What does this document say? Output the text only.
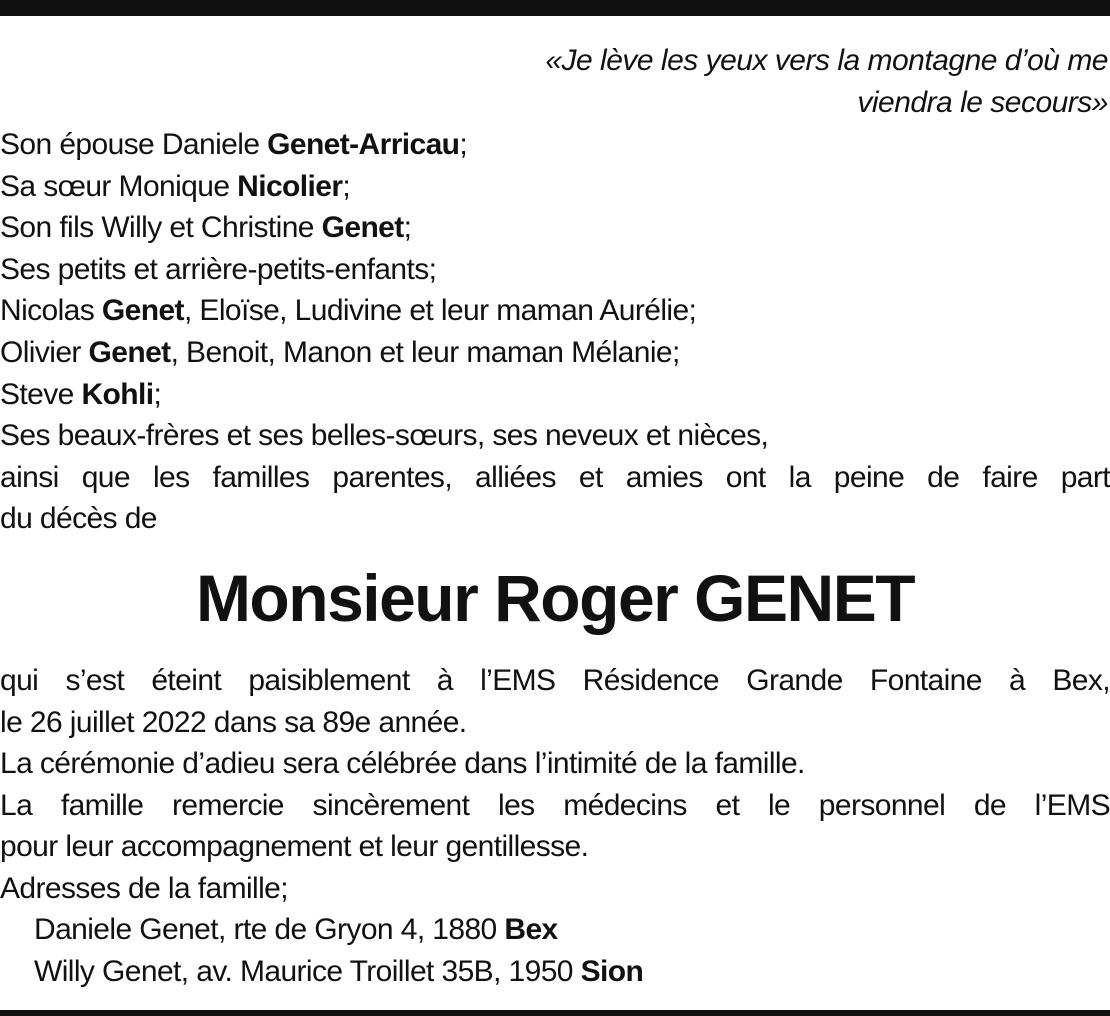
«Je lève les yeux vers la montagne d’où me
viendra le secours»
Son épouse Daniele Genet-Arricau;
Sa sœur Monique Nicolier;
Son fils Willy et Christine Genet;
Ses petits et arrière-petits-enfants;
Nicolas Genet, Eloïse, Ludivine et leur maman Aurélie;
Olivier Genet, Benoit, Manon et leur maman Mélanie;
Steve Kohli;
Ses beaux-frères et ses belles-sœurs, ses neveux et nièces,
ainsi que les familles parentes, alliées et amies ont la peine de faire part
du décès de
Monsieur Roger GENET
qui s’est éteint paisiblement à l’EMS Résidence Grande Fontaine à Bex,
le 26 juillet 2022 dans sa 89e année.
La cérémonie d’adieu sera célébrée dans l’intimité de la famille.
La famille remercie sincèrement les médecins et le personnel de l’EMS
pour leur accompagnement et leur gentillesse.
Adresses de la famille;
Daniele Genet, rte de Gryon 4, 1880 Bex
Willy Genet, av. Maurice Troillet 35B, 1950 Sion
